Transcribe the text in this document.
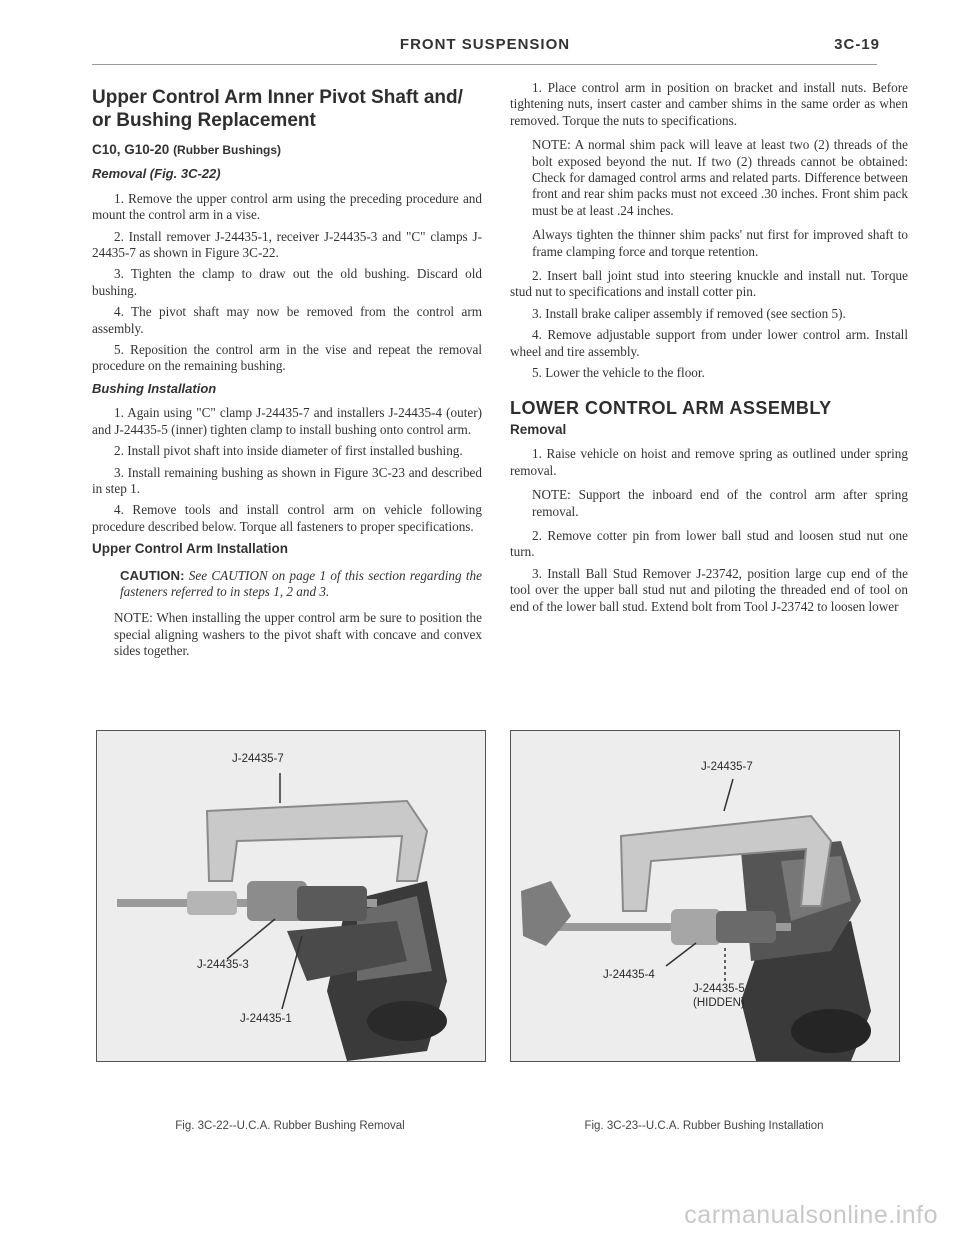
FRONT SUSPENSION	3C-19
Upper Control Arm Inner Pivot Shaft and/ or Bushing Replacement
C10, G10-20 (Rubber Bushings)
Removal (Fig. 3C-22)

1. Remove the upper control arm using the preceding procedure and mount the control arm in a vise.

2. Install remover J-24435-1, receiver J-24435-3 and "C" clamps J-24435-7 as shown in Figure 3C-22.

3. Tighten the clamp to draw out the old bushing. Discard old bushing.

4. The pivot shaft may now be removed from the control arm assembly.

5. Reposition the control arm in the vise and repeat the removal procedure on the remaining bushing.

Bushing Installation

1. Again using "C" clamp J-24435-7 and installers J-24435-4 (outer) and J-24435-5 (inner) tighten clamp to install bushing onto control arm.

2. Install pivot shaft into inside diameter of first installed bushing.

3. Install remaining bushing as shown in Figure 3C-23 and described in step 1.

4. Remove tools and install control arm on vehicle following procedure described below. Torque all fasteners to proper specifications.

Upper Control Arm Installation

CAUTION: See CAUTION on page 1 of this section regarding the fasteners referred to in steps 1, 2 and 3.

NOTE: When installing the upper control arm be sure to position the special aligning washers to the pivot shaft with concave and convex sides together.

1. Place control arm in position on bracket and install nuts. Before tightening nuts, insert caster and camber shims in the same order as when removed. Torque the nuts to specifications.

NOTE: A normal shim pack will leave at least two (2) threads of the bolt exposed beyond the nut. If two (2) threads cannot be obtained: Check for damaged control arms and related parts. Difference between front and rear shim packs must not exceed .30 inches. Front shim pack must be at least .24 inches.

Always tighten the thinner shim packs' nut first for improved shaft to frame clamping force and torque retention.

2. Insert ball joint stud into steering knuckle and install nut. Torque stud nut to specifications and install cotter pin.

3. Install brake caliper assembly if removed (see section 5).

4. Remove adjustable support from under lower control arm. Install wheel and tire assembly.

5. Lower the vehicle to the floor.

LOWER CONTROL ARM ASSEMBLY
Removal

1. Raise vehicle on hoist and remove spring as outlined under spring removal.

NOTE: Support the inboard end of the control arm after spring removal.

2. Remove cotter pin from lower ball stud and loosen stud nut one turn.

3. Install Ball Stud Remover J-23742, position large cup end of the tool over the upper ball stud nut and piloting the threaded end of tool on end of the lower ball stud. Extend bolt from Tool J-23742 to loosen lower

J-24435-7
J-24435-3
J-24435-1
Fig. 3C-22--U.C.A. Rubber Bushing Removal
J-24435-7
J-24435-4
J-24435-5
(HIDDEN)
Fig. 3C-23--U.C.A. Rubber Bushing Installation
carmanualsonline.info
